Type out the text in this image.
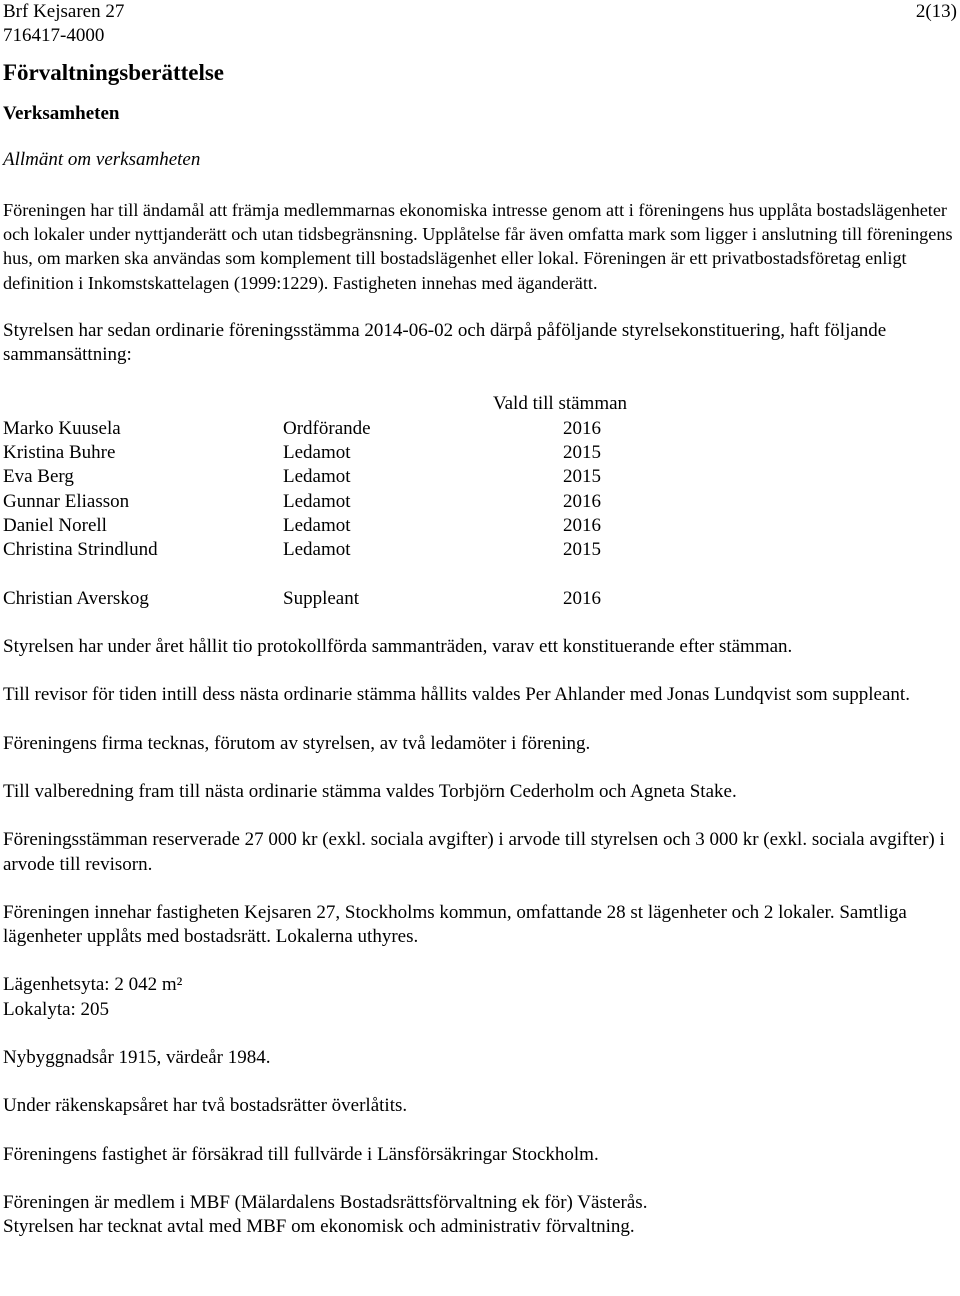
Brf Kejsaren 27	2(13)
716417-4000
Förvaltningsberättelse
Verksamheten
Allmänt om verksamheten

Föreningen har till ändamål att främja medlemmarnas ekonomiska intresse genom att i föreningens hus upplåta bostadslägenheter och lokaler under nyttjanderätt och utan tidsbegränsning. Upplåtelse får även omfatta mark som ligger i anslutning till föreningens hus, om marken ska användas som komplement till bostadslägenhet eller lokal. Föreningen är ett privatbostadsföretag enligt definition i Inkomstskattelagen (1999:1229). Fastigheten innehas med äganderätt.

Styrelsen har sedan ordinarie föreningsstämma 2014-06-02 och därpå påföljande styrelsekonstituering, haft följande sammansättning:

		Vald till stämman
Marko Kuusela	Ordförande	2016
Kristina Buhre	Ledamot	2015
Eva Berg	Ledamot	2015
Gunnar Eliasson	Ledamot	2016
Daniel Norell	Ledamot	2016
Christina Strindlund	Ledamot	2015

Christian Averskog	Suppleant	2016

Styrelsen har under året hållit tio protokollförda sammanträden, varav ett konstituerande efter stämman.

Till revisor för tiden intill dess nästa ordinarie stämma hållits valdes Per Ahlander med Jonas Lundqvist som suppleant.

Föreningens firma tecknas, förutom av styrelsen, av två ledamöter i förening.

Till valberedning fram till nästa ordinarie stämma valdes Torbjörn Cederholm och Agneta Stake.

Föreningsstämman reserverade 27 000 kr (exkl. sociala avgifter) i arvode till styrelsen och 3 000 kr (exkl. sociala avgifter) i arvode till revisorn.

Föreningen innehar fastigheten Kejsaren 27, Stockholms kommun, omfattande 28 st lägenheter och 2 lokaler. Samtliga lägenheter upplåts med bostadsrätt. Lokalerna uthyres.

Lägenhetsyta: 2 042 m²

Lokalyta: 205

Nybyggnadsår 1915, värdeår 1984.

Under räkenskapsåret har två bostadsrätter överlåtits.

Föreningens fastighet är försäkrad till fullvärde i Länsförsäkringar Stockholm.

Föreningen är medlem i MBF (Mälardalens Bostadsrättsförvaltning ek för) Västerås.

Styrelsen har tecknat avtal med MBF om ekonomisk och administrativ förvaltning.
